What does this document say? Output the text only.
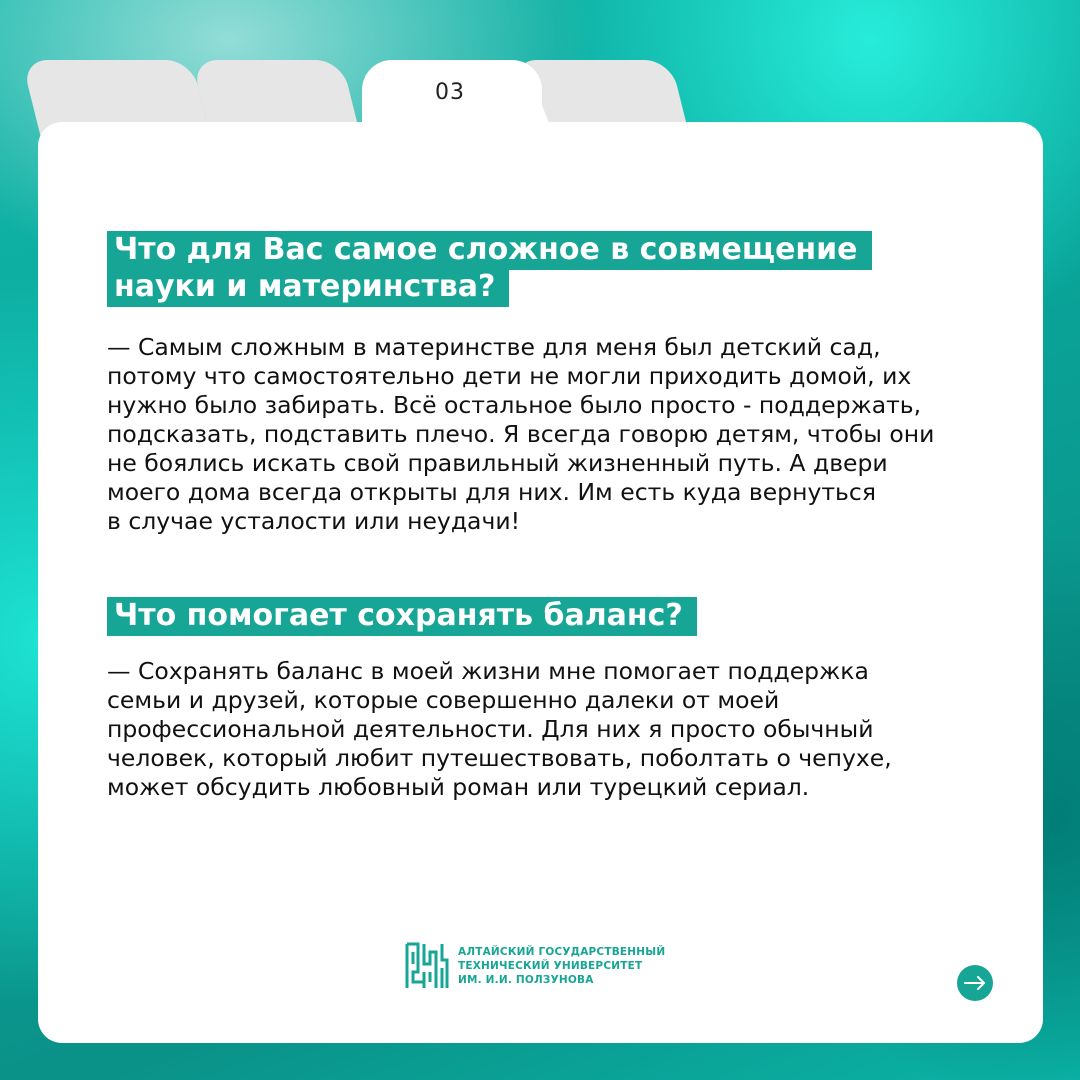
03
Что для Вас самое сложное в совмещение
науки и материнства?

— Самым сложным в материнстве для меня был детский сад,
потому что самостоятельно дети не могли приходить домой, их
нужно было забирать. Всё остальное было просто - поддержать,
подсказать, подставить плечо. Я всегда говорю детям, чтобы они
не боялись искать свой правильный жизненный путь. А двери
моего дома всегда открыты для них. Им есть куда вернуться
в случае усталости или неудачи!

Что помогает сохранять баланс?

— Сохранять баланс в моей жизни мне помогает поддержка
семьи и друзей, которые совершенно далеки от моей
профессиональной деятельности. Для них я просто обычный
человек, который любит путешествовать, поболтать о чепухе,
может обсудить любовный роман или турецкий сериал.

АЛТАЙСКИЙ ГОСУДАРСТВЕННЫЙ
ТЕХНИЧЕСКИЙ УНИВЕРСИТЕТ
ИМ. И.И. ПОЛЗУНОВА
